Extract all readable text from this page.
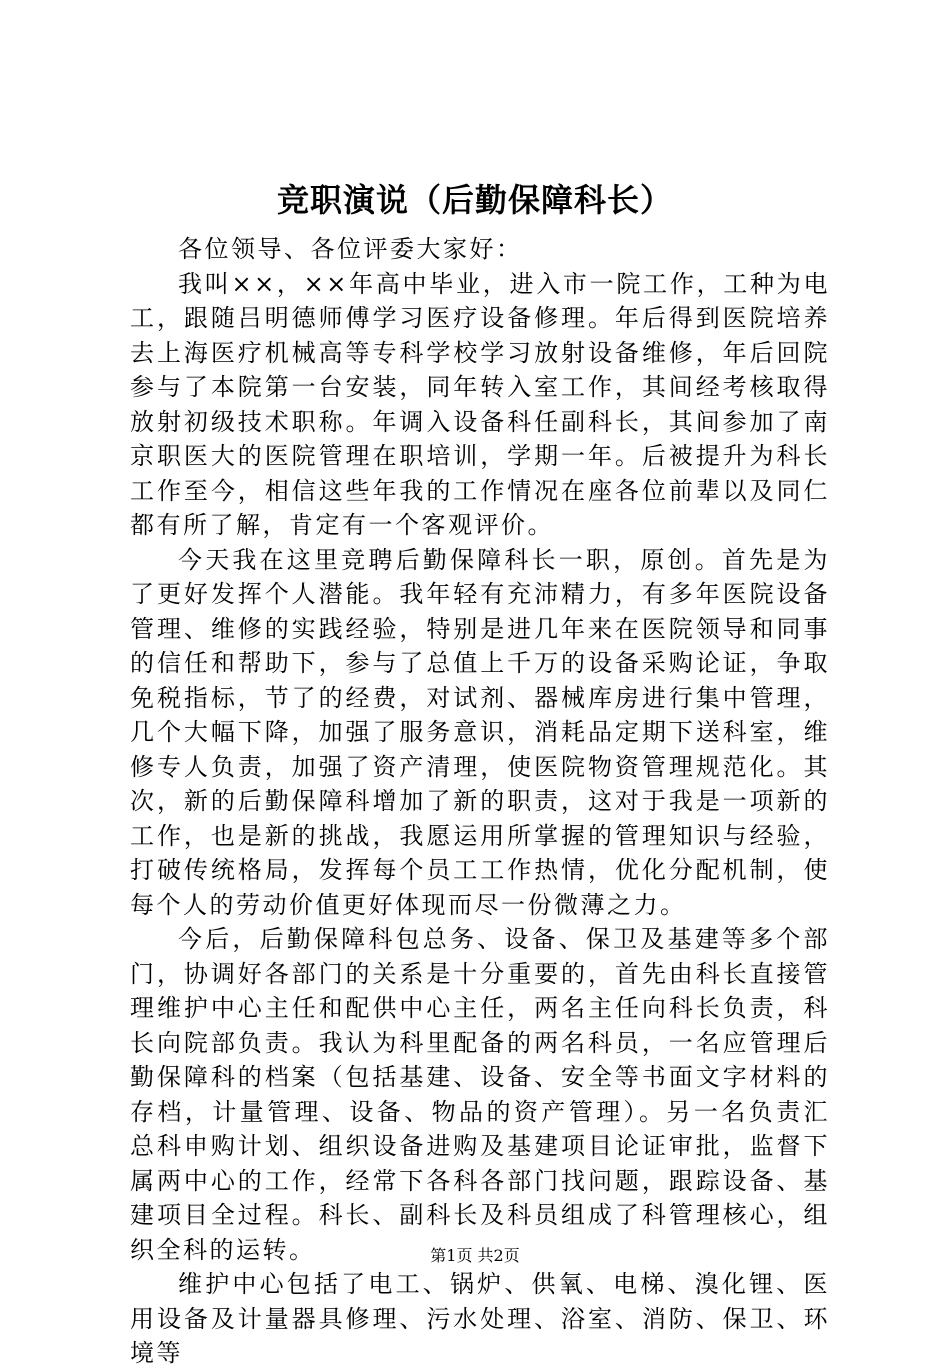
竞职演说（后勤保障科长）

各位领导、各位评委大家好：

我叫××，××年高中毕业，进入市一院工作，工种为电工，跟随吕明德师傅学习医疗设备修理。年后得到医院培养去上海医疗机械高等专科学校学习放射设备维修，年后回院参与了本院第一台安装，同年转入室工作，其间经考核取得放射初级技术职称。年调入设备科任副科长，其间参加了南京职医大的医院管理在职培训，学期一年。后被提升为科长工作至今，相信这些年我的工作情况在座各位前辈以及同仁都有所了解，肯定有一个客观评价。

今天我在这里竞聘后勤保障科长一职，原创。首先是为了更好发挥个人潜能。我年轻有充沛精力，有多年医院设备管理、维修的实践经验，特别是进几年来在医院领导和同事的信任和帮助下，参与了总值上千万的设备采购论证，争取免税指标，节了的经费，对试剂、器械库房进行集中管理，几个大幅下降，加强了服务意识，消耗品定期下送科室，维修专人负责，加强了资产清理，使医院物资管理规范化。其次，新的后勤保障科增加了新的职责，这对于我是一项新的工作，也是新的挑战，我愿运用所掌握的管理知识与经验，打破传统格局，发挥每个员工工作热情，优化分配机制，使每个人的劳动价值更好体现而尽一份微薄之力。

今后，后勤保障科包总务、设备、保卫及基建等多个部门，协调好各部门的关系是十分重要的，首先由科长直接管理维护中心主任和配供中心主任，两名主任向科长负责，科长向院部负责。我认为科里配备的两名科员，一名应管理后勤保障科的档案（包括基建、设备、安全等书面文字材料的存档，计量管理、设备、物品的资产管理）。另一名负责汇总科申购计划、组织设备进购及基建项目论证审批，监督下属两中心的工作，经常下各科各部门找问题，跟踪设备、基建项目全过程。科长、副科长及科员组成了科管理核心，组织全科的运转。

维护中心包括了电工、锅炉、供氧、电梯、溴化锂、医用设备及计量器具修理、污水处理、浴室、消防、保卫、环境等

第1页 共2页
